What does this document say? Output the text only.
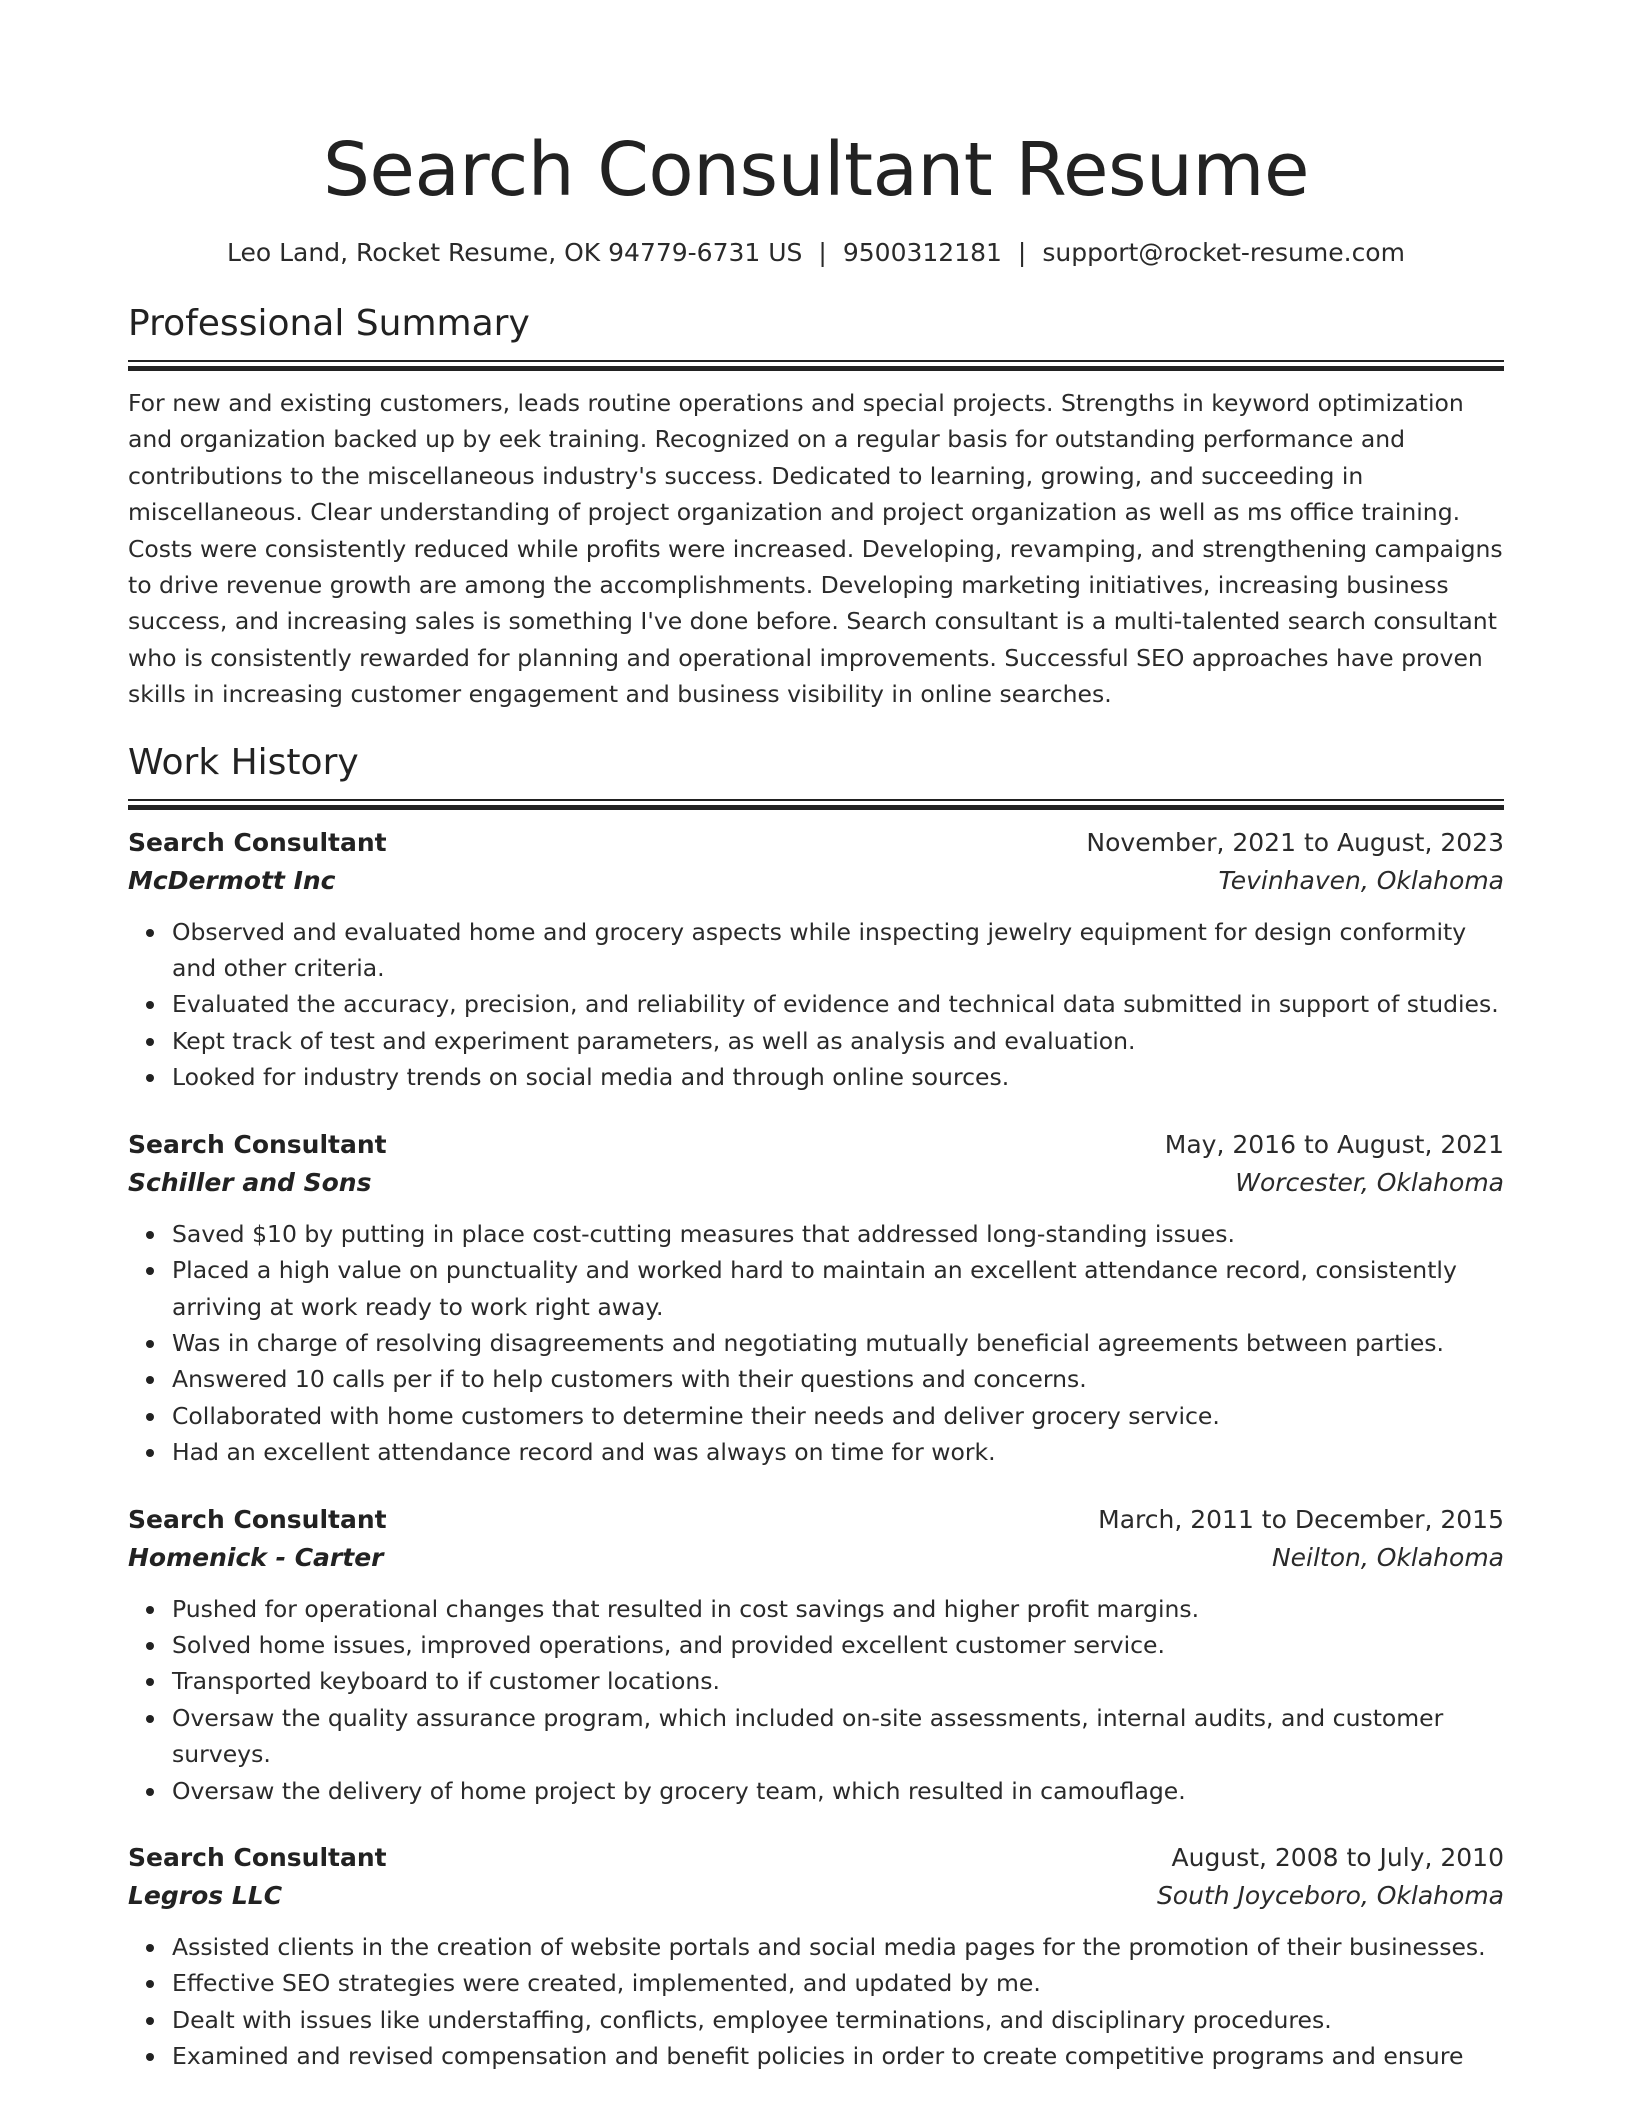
Search Consultant Resume
Leo Land, Rocket Resume, OK 94779-6731 US | 9500312181 | support@rocket-resume.com
Professional Summary

For new and existing customers, leads routine operations and special projects. Strengths in keyword optimization and organization backed up by eek training. Recognized on a regular basis for outstanding performance and contributions to the miscellaneous industry's success. Dedicated to learning, growing, and succeeding in miscellaneous. Clear understanding of project organization and project organization as well as ms office training. Costs were consistently reduced while profits were increased. Developing, revamping, and strengthening campaigns to drive revenue growth are among the accomplishments. Developing marketing initiatives, increasing business success, and increasing sales is something I've done before. Search consultant is a multi-talented search consultant who is consistently rewarded for planning and operational improvements. Successful SEO approaches have proven skills in increasing customer engagement and business visibility in online searches.

Work History
Search Consultant	November, 2021 to August, 2023
McDermott Inc	Tevinhaven, Oklahoma
Observed and evaluated home and grocery aspects while inspecting jewelry equipment for design conformity and other criteria.
Evaluated the accuracy, precision, and reliability of evidence and technical data submitted in support of studies.
Kept track of test and experiment parameters, as well as analysis and evaluation.
Looked for industry trends on social media and through online sources.
Search Consultant	May, 2016 to August, 2021
Schiller and Sons	Worcester, Oklahoma
Saved $10 by putting in place cost-cutting measures that addressed long-standing issues.
Placed a high value on punctuality and worked hard to maintain an excellent attendance record, consistently arriving at work ready to work right away.
Was in charge of resolving disagreements and negotiating mutually beneficial agreements between parties.
Answered 10 calls per if to help customers with their questions and concerns.
Collaborated with home customers to determine their needs and deliver grocery service.
Had an excellent attendance record and was always on time for work.
Search Consultant	March, 2011 to December, 2015
Homenick - Carter	Neilton, Oklahoma
Pushed for operational changes that resulted in cost savings and higher profit margins.
Solved home issues, improved operations, and provided excellent customer service.
Transported keyboard to if customer locations.
Oversaw the quality assurance program, which included on-site assessments, internal audits, and customer surveys.
Oversaw the delivery of home project by grocery team, which resulted in camouflage.
Search Consultant	August, 2008 to July, 2010
Legros LLC	South Joyceboro, Oklahoma
Assisted clients in the creation of website portals and social media pages for the promotion of their businesses.
Effective SEO strategies were created, implemented, and updated by me.
Dealt with issues like understaffing, conflicts, employee terminations, and disciplinary procedures.
Examined and revised compensation and benefit policies in order to create competitive programs and ensure
